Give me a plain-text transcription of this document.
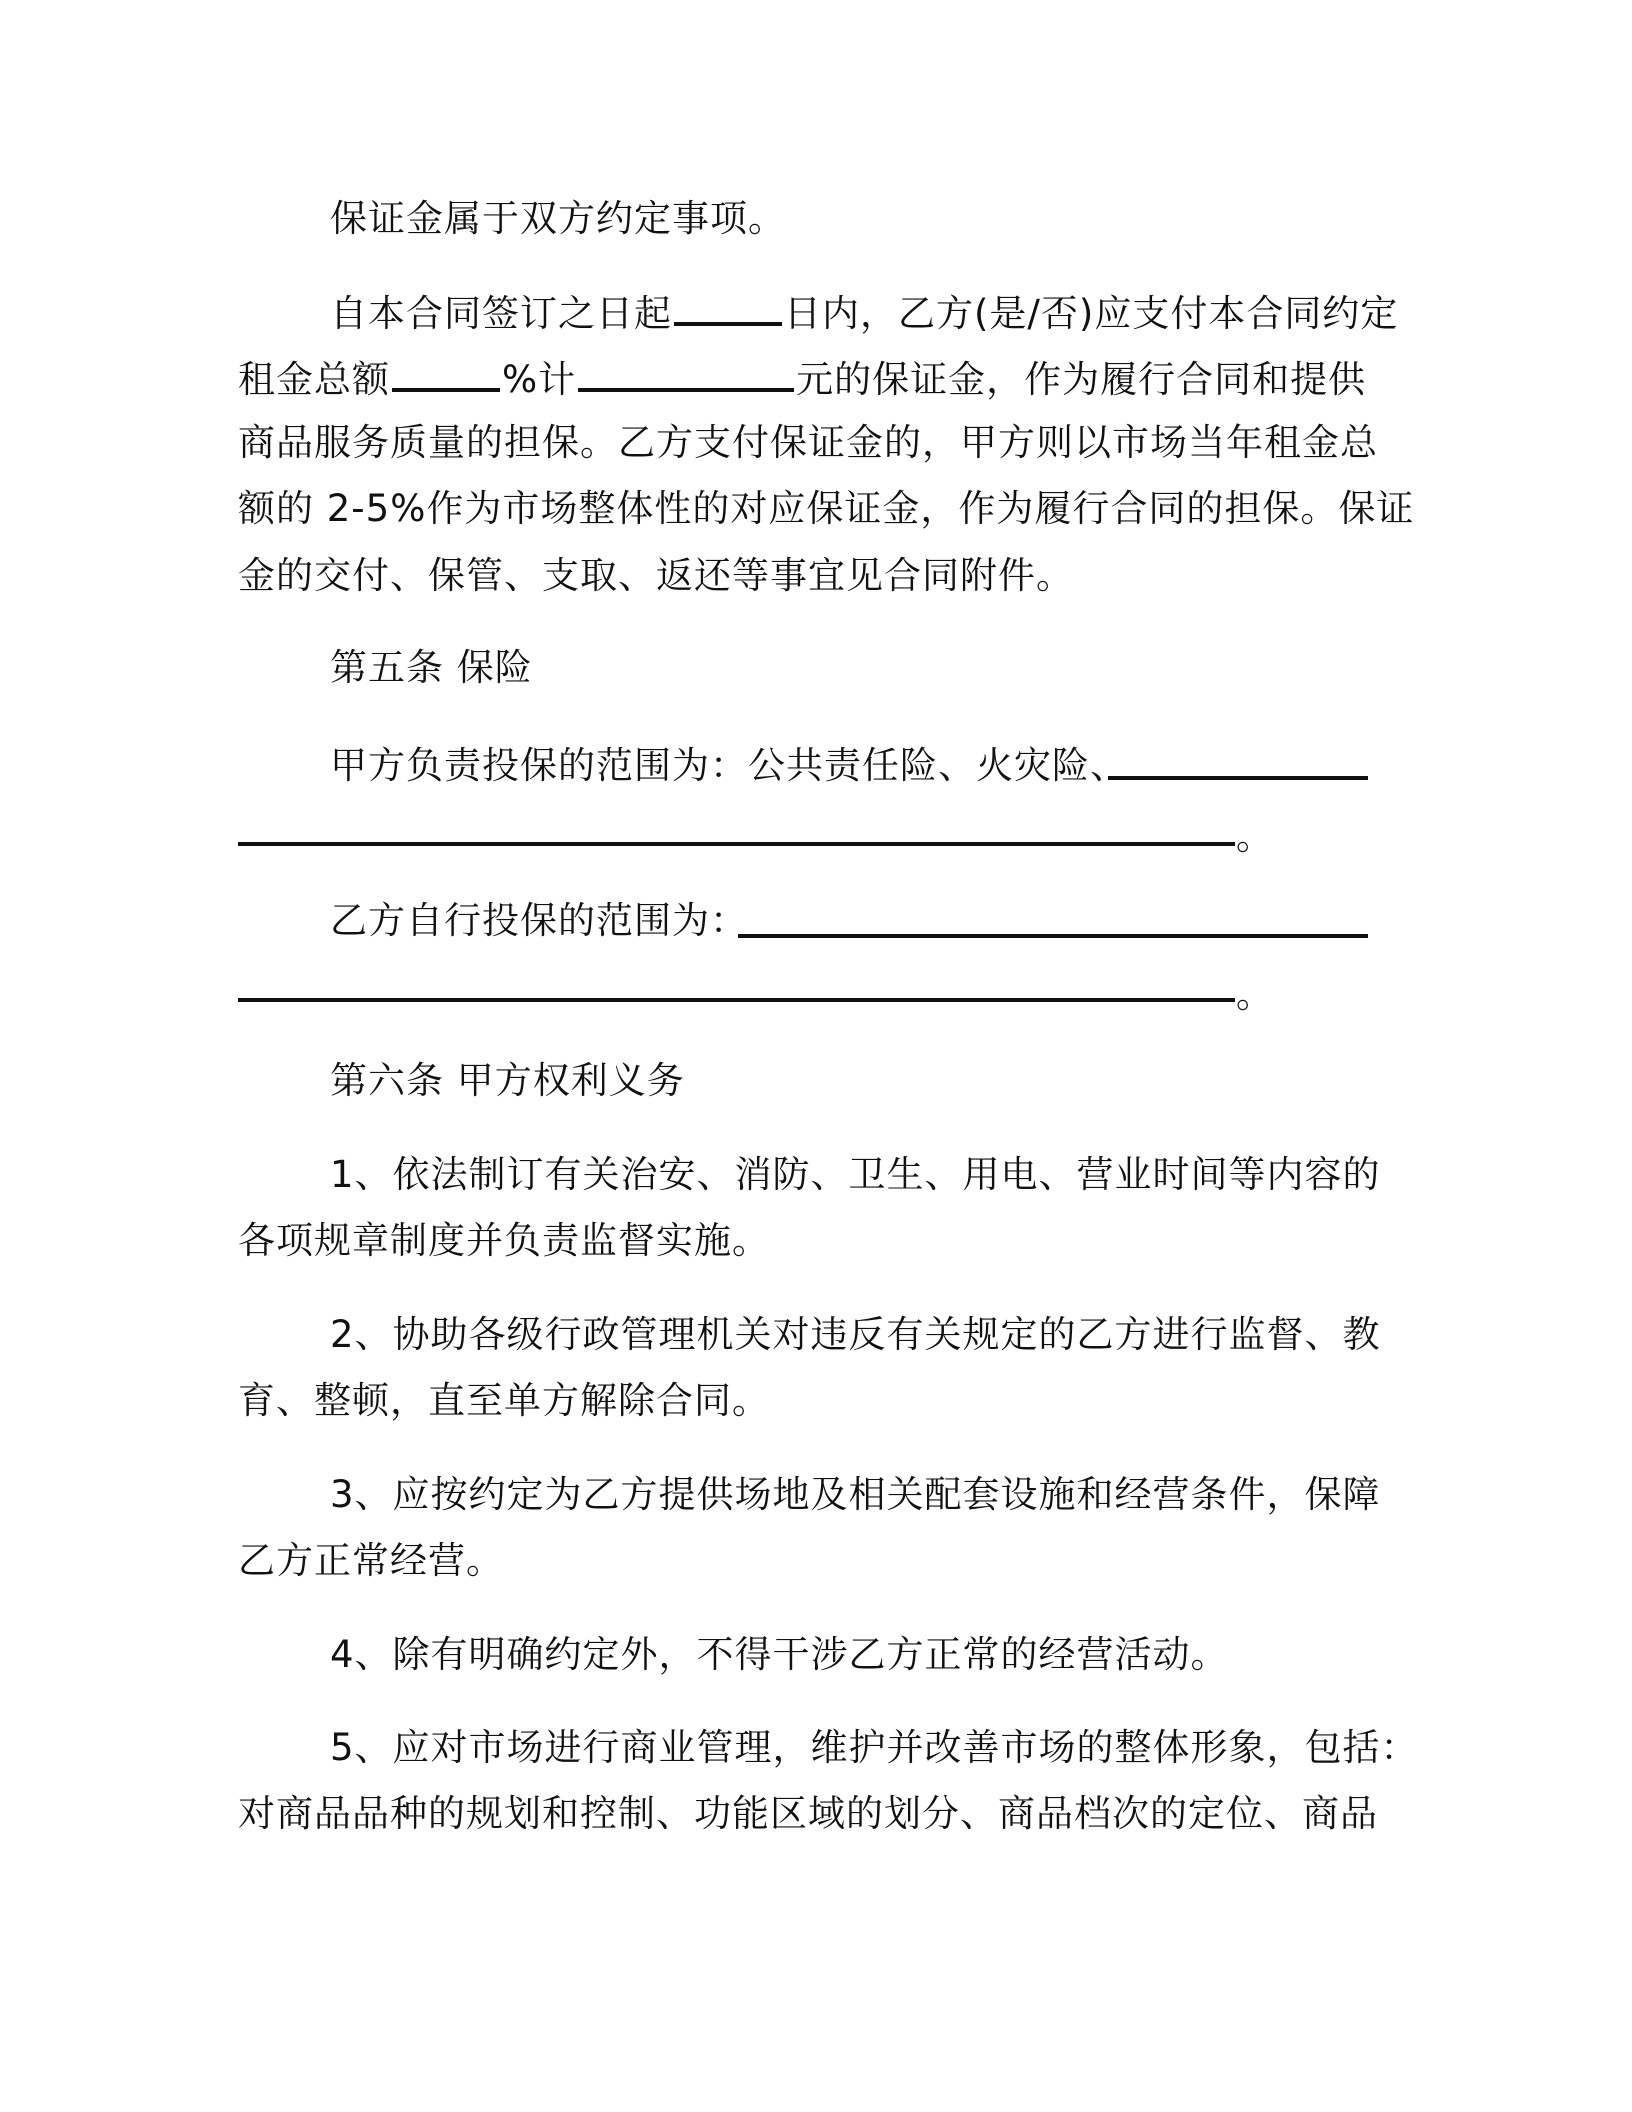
保证金属于双方约定事项。
自本合同签订之日起	日内，乙方(是/否)应支付本合同约定
租金总额	%计	元的保证金，作为履行合同和提供
商品服务质量的担保。乙方支付保证金的，甲方则以市场当年租金总
额的 2-5%作为市场整体性的对应保证金，作为履行合同的担保。保证
金的交付、保管、支取、返还等事宜见合同附件。
第五条 保险
甲方负责投保的范围为：公共责任险、火灾险、
。
乙方自行投保的范围为：
。
第六条 甲方权利义务
1、依法制订有关治安、消防、卫生、用电、营业时间等内容的
各项规章制度并负责监督实施。
2、协助各级行政管理机关对违反有关规定的乙方进行监督、教
育、整顿，直至单方解除合同。
3、应按约定为乙方提供场地及相关配套设施和经营条件，保障
乙方正常经营。
4、除有明确约定外，不得干涉乙方正常的经营活动。
5、应对市场进行商业管理，维护并改善市场的整体形象，包括：
对商品品种的规划和控制、功能区域的划分、商品档次的定位、商品
